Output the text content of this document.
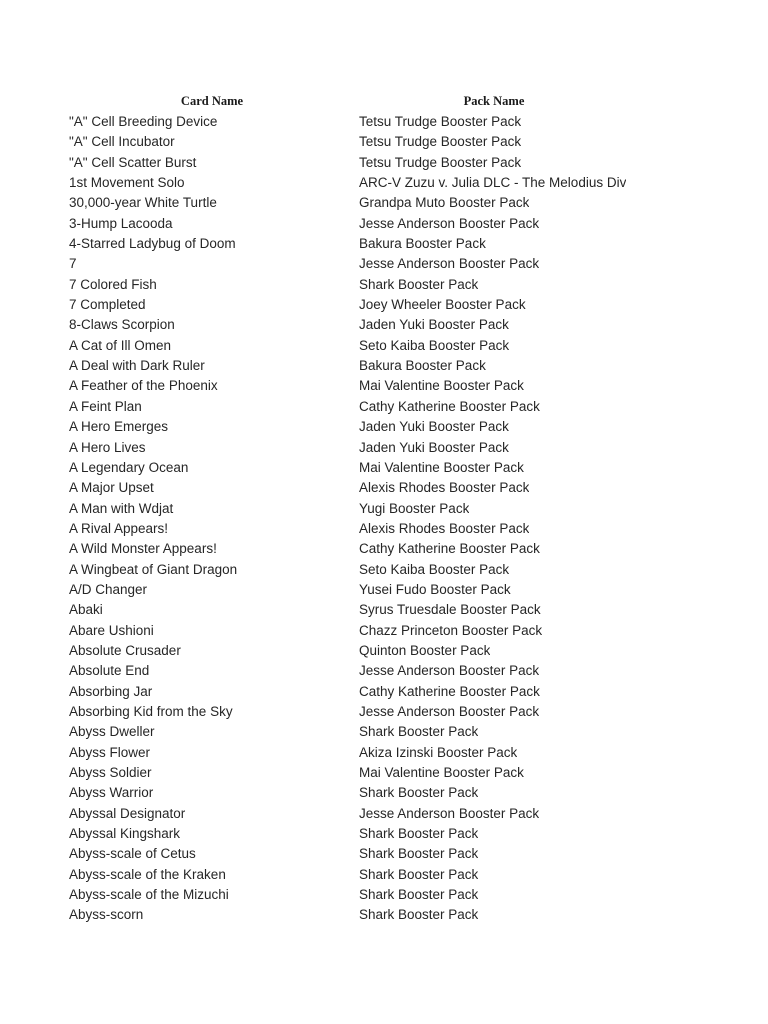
Card Name	Pack Name
"A" Cell Breeding Device	Tetsu Trudge Booster Pack
"A" Cell Incubator	Tetsu Trudge Booster Pack
"A" Cell Scatter Burst	Tetsu Trudge Booster Pack
1st Movement Solo	ARC-V Zuzu v. Julia DLC - The Melodius Div
30,000-year White Turtle	Grandpa Muto Booster Pack
3-Hump Lacooda	Jesse Anderson Booster Pack
4-Starred Ladybug of Doom	Bakura Booster Pack
7	Jesse Anderson Booster Pack
7 Colored Fish	Shark Booster Pack
7 Completed	Joey Wheeler Booster Pack
8-Claws Scorpion	Jaden Yuki Booster Pack
A Cat of Ill Omen	Seto Kaiba Booster Pack
A Deal with Dark Ruler	Bakura Booster Pack
A Feather of the Phoenix	Mai Valentine Booster Pack
A Feint Plan	Cathy Katherine Booster Pack
A Hero Emerges	Jaden Yuki Booster Pack
A Hero Lives	Jaden Yuki Booster Pack
A Legendary Ocean	Mai Valentine Booster Pack
A Major Upset	Alexis Rhodes Booster Pack
A Man with Wdjat	Yugi Booster Pack
A Rival Appears!	Alexis Rhodes Booster Pack
A Wild Monster Appears!	Cathy Katherine Booster Pack
A Wingbeat of Giant Dragon	Seto Kaiba Booster Pack
A/D Changer	Yusei Fudo Booster Pack
Abaki	Syrus Truesdale Booster Pack
Abare Ushioni	Chazz Princeton Booster Pack
Absolute Crusader	Quinton Booster Pack
Absolute End	Jesse Anderson Booster Pack
Absorbing Jar	Cathy Katherine Booster Pack
Absorbing Kid from the Sky	Jesse Anderson Booster Pack
Abyss Dweller	Shark Booster Pack
Abyss Flower	Akiza Izinski Booster Pack
Abyss Soldier	Mai Valentine Booster Pack
Abyss Warrior	Shark Booster Pack
Abyssal Designator	Jesse Anderson Booster Pack
Abyssal Kingshark	Shark Booster Pack
Abyss-scale of Cetus	Shark Booster Pack
Abyss-scale of the Kraken	Shark Booster Pack
Abyss-scale of the Mizuchi	Shark Booster Pack
Abyss-scorn	Shark Booster Pack
